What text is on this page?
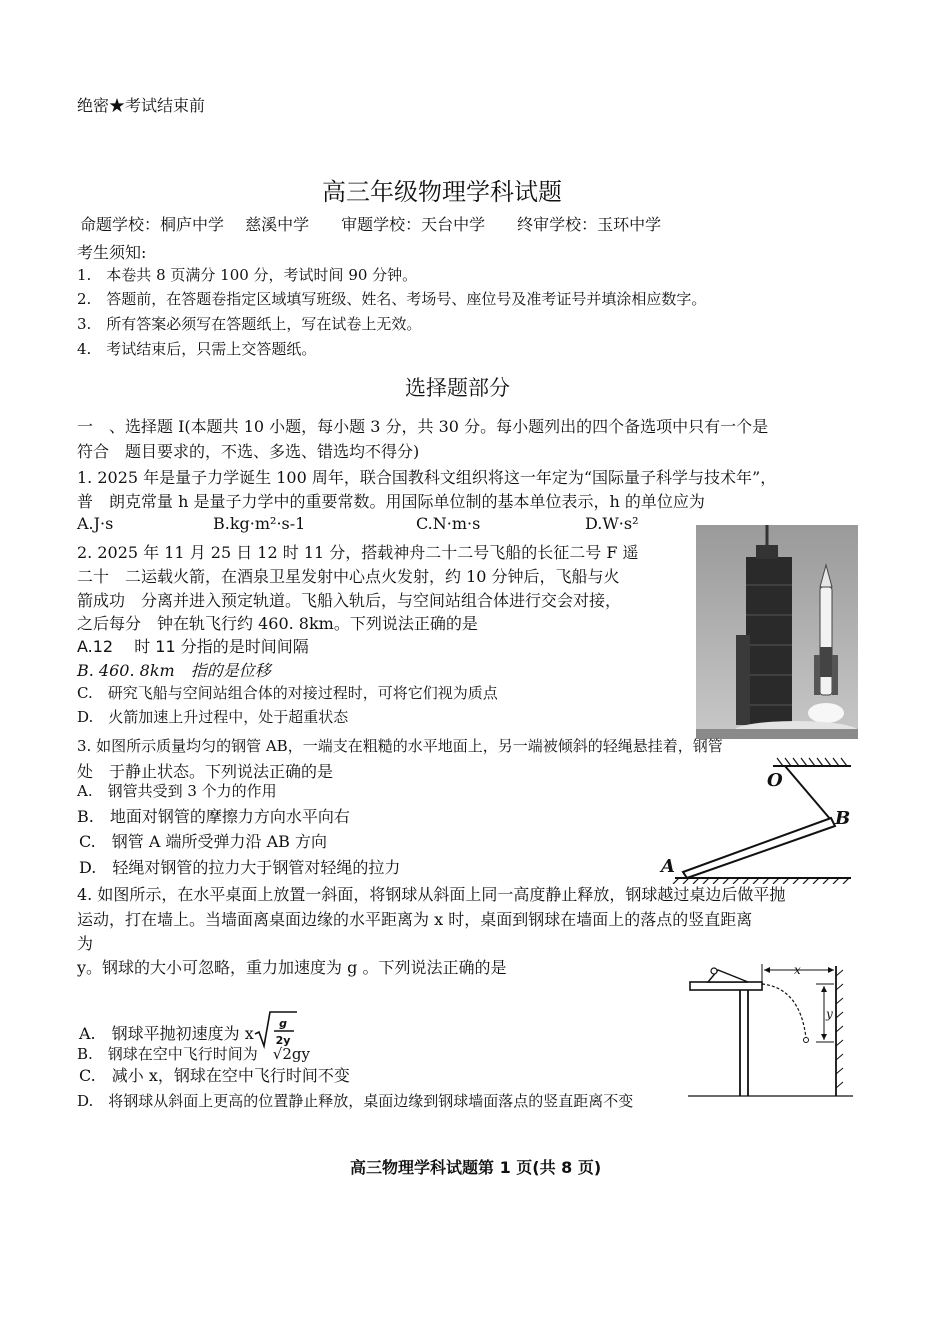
绝密★考试结束前
高三年级物理学科试题
命题学校：桐庐中学　 慈溪中学　　审题学校：天台中学　　终审学校：玉环中学
考生须知:
1.　本卷共 8 页满分 100 分，考试时间 90 分钟。
2.　答题前，在答题卷指定区域填写班级、姓名、考场号、座位号及准考证号并填涂相应数字。
3.　所有答案必须写在答题纸上，写在试卷上无效。
4.　考试结束后，只需上交答题纸。
选择题部分
一　、选择题 I(本题共 10 小题，每小题 3 分，共 30 分。每小题列出的四个备选项中只有一个是
符合　题目要求的，不选、多选、错选均不得分)
1. 2025 年是量子力学诞生 100 周年，联合国教科文组织将这一年定为“国际量子科学与技术年”，
普　朗克常量 h 是量子力学中的重要常数。用国际单位制的基本单位表示，h 的单位应为
A.J·s	B.kg·m²·s-1	C.N·m·s	D.W·s²
2. 2025 年 11 月 25 日 12 时 11 分，搭载神舟二十二号飞船的长征二号 F 遥
二十　二运载火箭，在酒泉卫星发射中心点火发射，约 10 分钟后，飞船与火
箭成功　分离并进入预定轨道。飞船入轨后，与空间站组合体进行交会对接，
之后每分　钟在轨飞行约 460. 8km。下列说法正确的是
A.12　 时 11 分指的是时间间隔
B. 460. 8km　指的是位移
C.　研究飞船与空间站组合体的对接过程时，可将它们视为质点
D.　火箭加速上升过程中，处于超重状态
3. 如图所示质量均匀的钢管 AB，一端支在粗糙的水平地面上，另一端被倾斜的轻绳悬挂着，钢管
处　于静止状态。下列说法正确的是
A.　钢管共受到 3 个力的作用
B.　地面对钢管的摩擦力方向水平向右
C.　钢管 A 端所受弹力沿 AB 方向
D.　轻绳对钢管的拉力大于钢管对轻绳的拉力
O
B
A
4. 如图所示，在水平桌面上放置一斜面，将钢球从斜面上同一高度静止释放，钢球越过桌边后做平抛
运动，打在墙上。当墙面离桌面边缘的水平距离为 x 时，桌面到钢球在墙面上的落点的竖直距离
为
y。钢球的大小可忽略，重力加速度为 g 。下列说法正确的是
A.　钢球平抛初速度为 x g
2y
B.　钢球在空中飞行时间为　√2gy
C.　减小 x，钢球在空中飞行时间不变
D.　将钢球从斜面上更高的位置静止释放，桌面边缘到钢球墙面落点的竖直距离不变
x
y
高三物理学科试题第 1 页(共 8 页)
